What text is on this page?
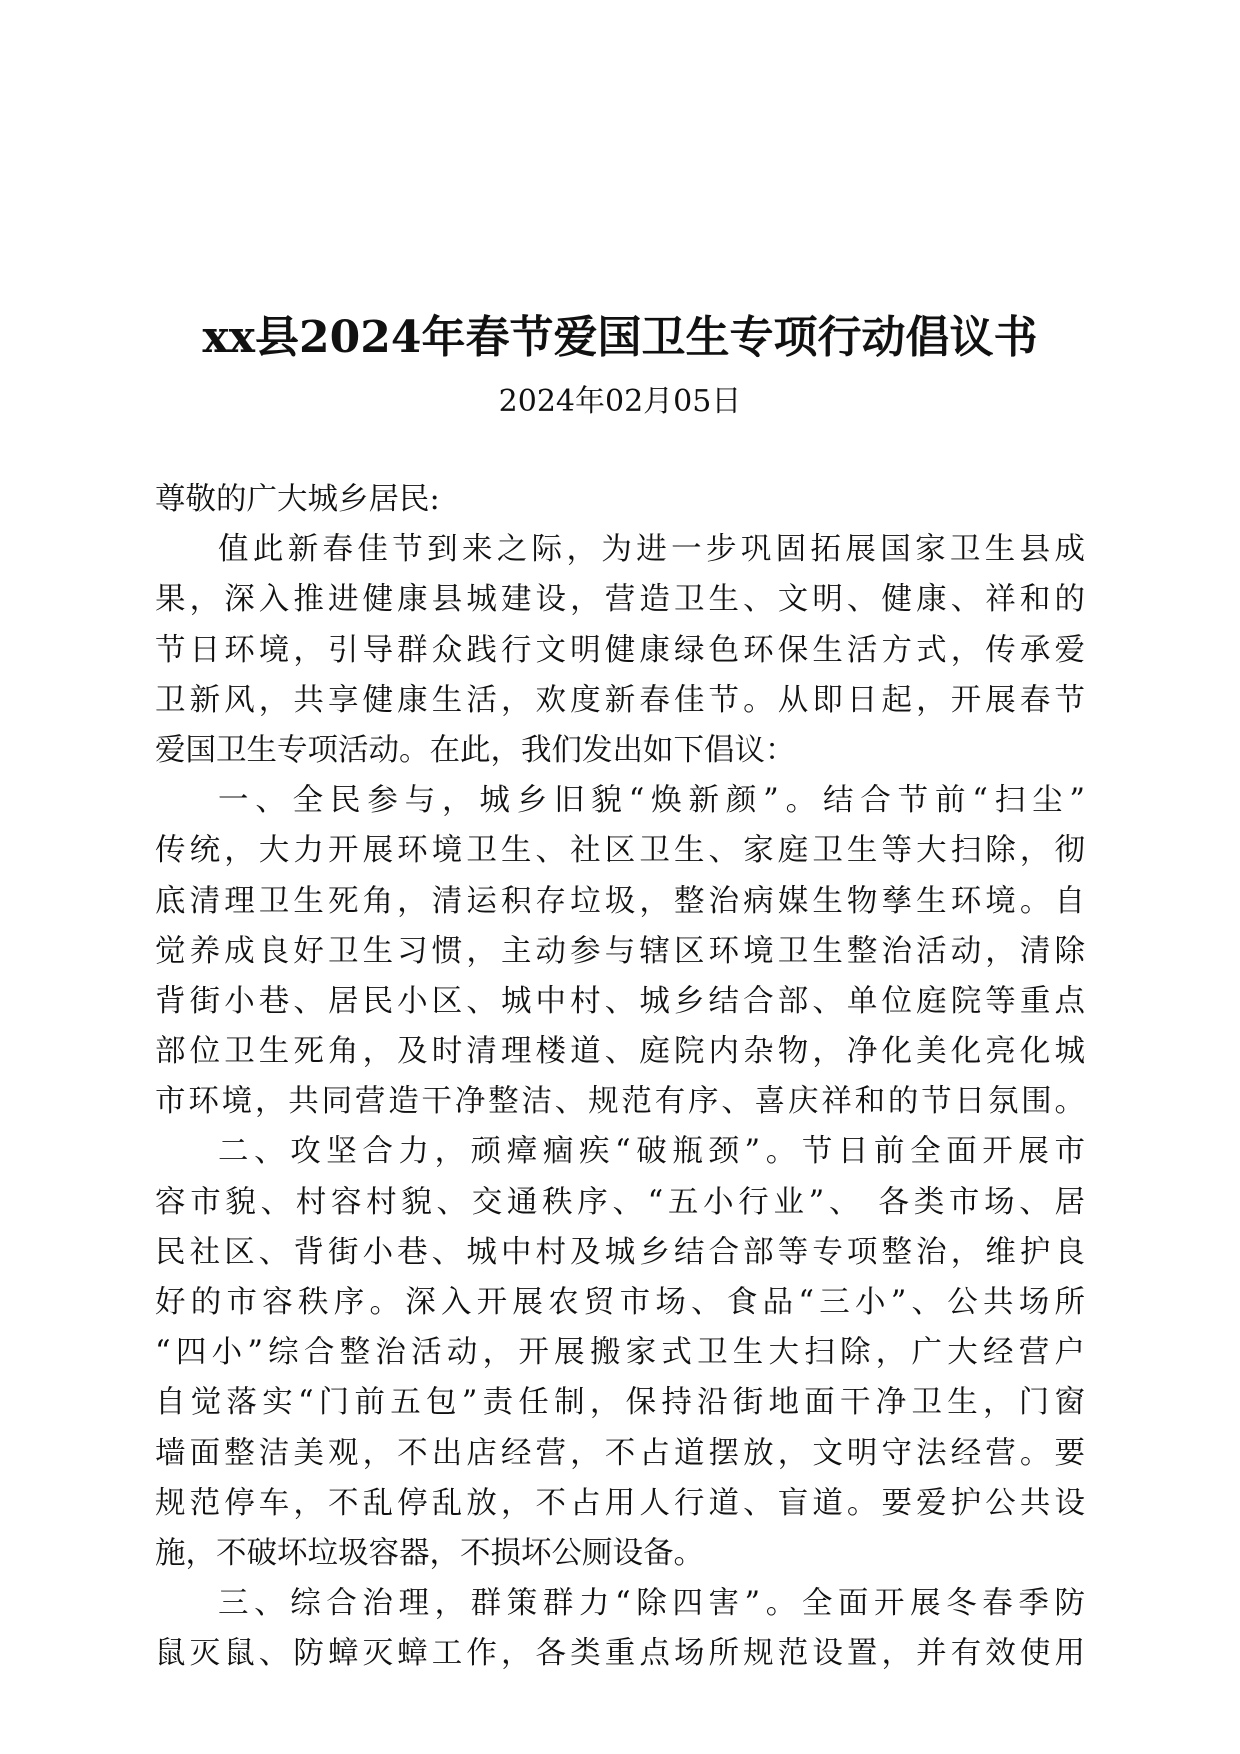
xx县2024年春节爱国卫生专项行动倡议书
2024年02月05日
尊敬的广大城乡居民:
值此新春佳节到来之际，为进一步巩固拓展国家卫生县成
果，深入推进健康县城建设，营造卫生、文明、健康、祥和的
节日环境，引导群众践行文明健康绿色环保生活方式，传承爱
卫新风，共享健康生活，欢度新春佳节。从即日起，开展春节
爱国卫生专项活动。在此，我们发出如下倡议：
一、全民参与，城乡旧貌“焕新颜”。结合节前“扫尘”
传统，大力开展环境卫生、社区卫生、家庭卫生等大扫除，彻
底清理卫生死角，清运积存垃圾，整治病媒生物孳生环境。自
觉养成良好卫生习惯，主动参与辖区环境卫生整治活动，清除
背街小巷、居民小区、城中村、城乡结合部、单位庭院等重点
部位卫生死角，及时清理楼道、庭院内杂物，净化美化亮化城
市环境，共同营造干净整洁、规范有序、喜庆祥和的节日氛围。
二、攻坚合力，顽瘴痼疾“破瓶颈”。节日前全面开展市
容市貌、村容村貌、交通秩序、“五小行业”、 各类市场、居
民社区、背街小巷、城中村及城乡结合部等专项整治，维护良
好的市容秩序。深入开展农贸市场、食品“三小”、公共场所
“四小”综合整治活动，开展搬家式卫生大扫除，广大经营户
自觉落实“门前五包”责任制，保持沿街地面干净卫生，门窗
墙面整洁美观，不出店经营，不占道摆放，文明守法经营。要
规范停车，不乱停乱放，不占用人行道、盲道。要爱护公共设
施，不破坏垃圾容器，不损坏公厕设备。
三、综合治理，群策群力“除四害”。全面开展冬春季防
鼠灭鼠、防蟑灭蟑工作，各类重点场所规范设置，并有效使用
